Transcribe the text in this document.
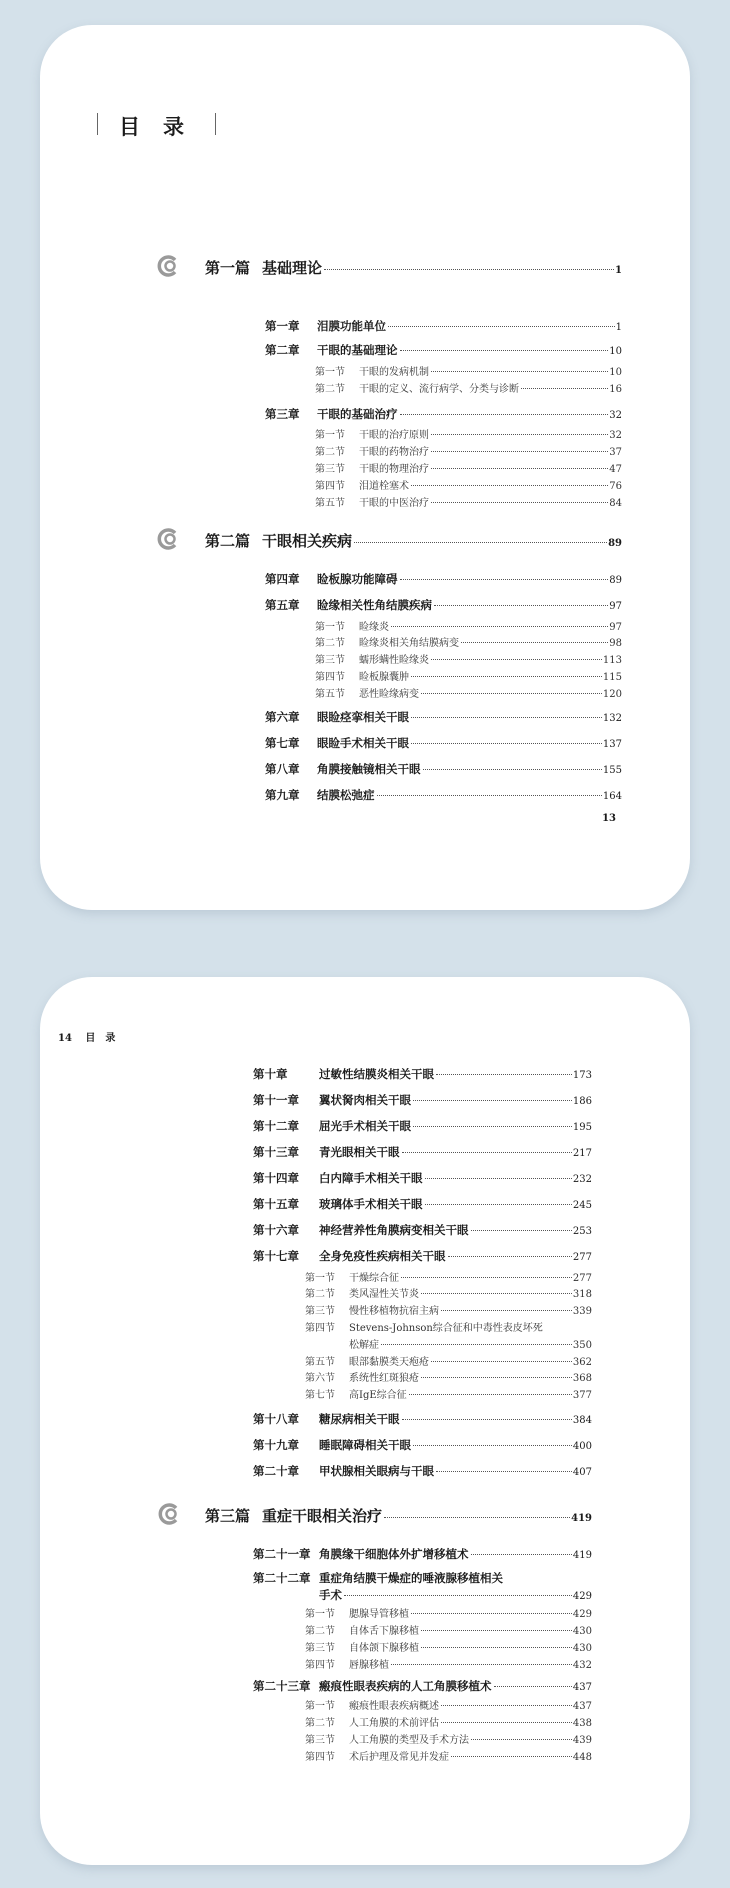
目　录
第一篇 基础理论	1
第一章	泪膜功能单位	1
第二章	干眼的基础理论	10
第一节	干眼的发病机制	10
第二节	干眼的定义、流行病学、分类与诊断	16
第三章	干眼的基础治疗	32
第一节	干眼的治疗原则	32
第二节	干眼的药物治疗	37
第三节	干眼的物理治疗	47
第四节	泪道栓塞术	76
第五节	干眼的中医治疗	84
第二篇 干眼相关疾病	89
第四章	睑板腺功能障碍	89
第五章	睑缘相关性角结膜疾病	97
第一节	睑缘炎	97
第二节	睑缘炎相关角结膜病变	98
第三节	蠕形螨性睑缘炎	113
第四节	睑板腺囊肿	115
第五节	恶性睑缘病变	120
第六章	眼睑痉挛相关干眼	132
第七章	眼睑手术相关干眼	137
第八章	角膜接触镜相关干眼	155
第九章	结膜松弛症	164
13
14 目　录
第十章	过敏性结膜炎相关干眼	173
第十一章	翼状胬肉相关干眼	186
第十二章	屈光手术相关干眼	195
第十三章	青光眼相关干眼	217
第十四章	白内障手术相关干眼	232
第十五章	玻璃体手术相关干眼	245
第十六章	神经营养性角膜病变相关干眼	253
第十七章	全身免疫性疾病相关干眼	277
第一节	干燥综合征	277
第二节	类风湿性关节炎	318
第三节	慢性移植物抗宿主病	339
第四节	Stevens-Johnson综合征和中毒性表皮坏死
松解症	350
第五节	眼部黏膜类天疱疮	362
第六节	系统性红斑狼疮	368
第七节	高IgE综合征	377
第十八章	糖尿病相关干眼	384
第十九章	睡眠障碍相关干眼	400
第二十章	甲状腺相关眼病与干眼	407
第三篇 重症干眼相关治疗	419
第二十一章 角膜缘干细胞体外扩增移植术	419
第二十二章 重症角结膜干燥症的唾液腺移植相关
手术	429
第一节	腮腺导管移植	429
第二节	自体舌下腺移植	430
第三节	自体颌下腺移植	430
第四节	唇腺移植	432
第二十三章 瘢痕性眼表疾病的人工角膜移植术	437
第一节	瘢痕性眼表疾病概述	437
第二节	人工角膜的术前评估	438
第三节	人工角膜的类型及手术方法	439
第四节	术后护理及常见并发症	448
